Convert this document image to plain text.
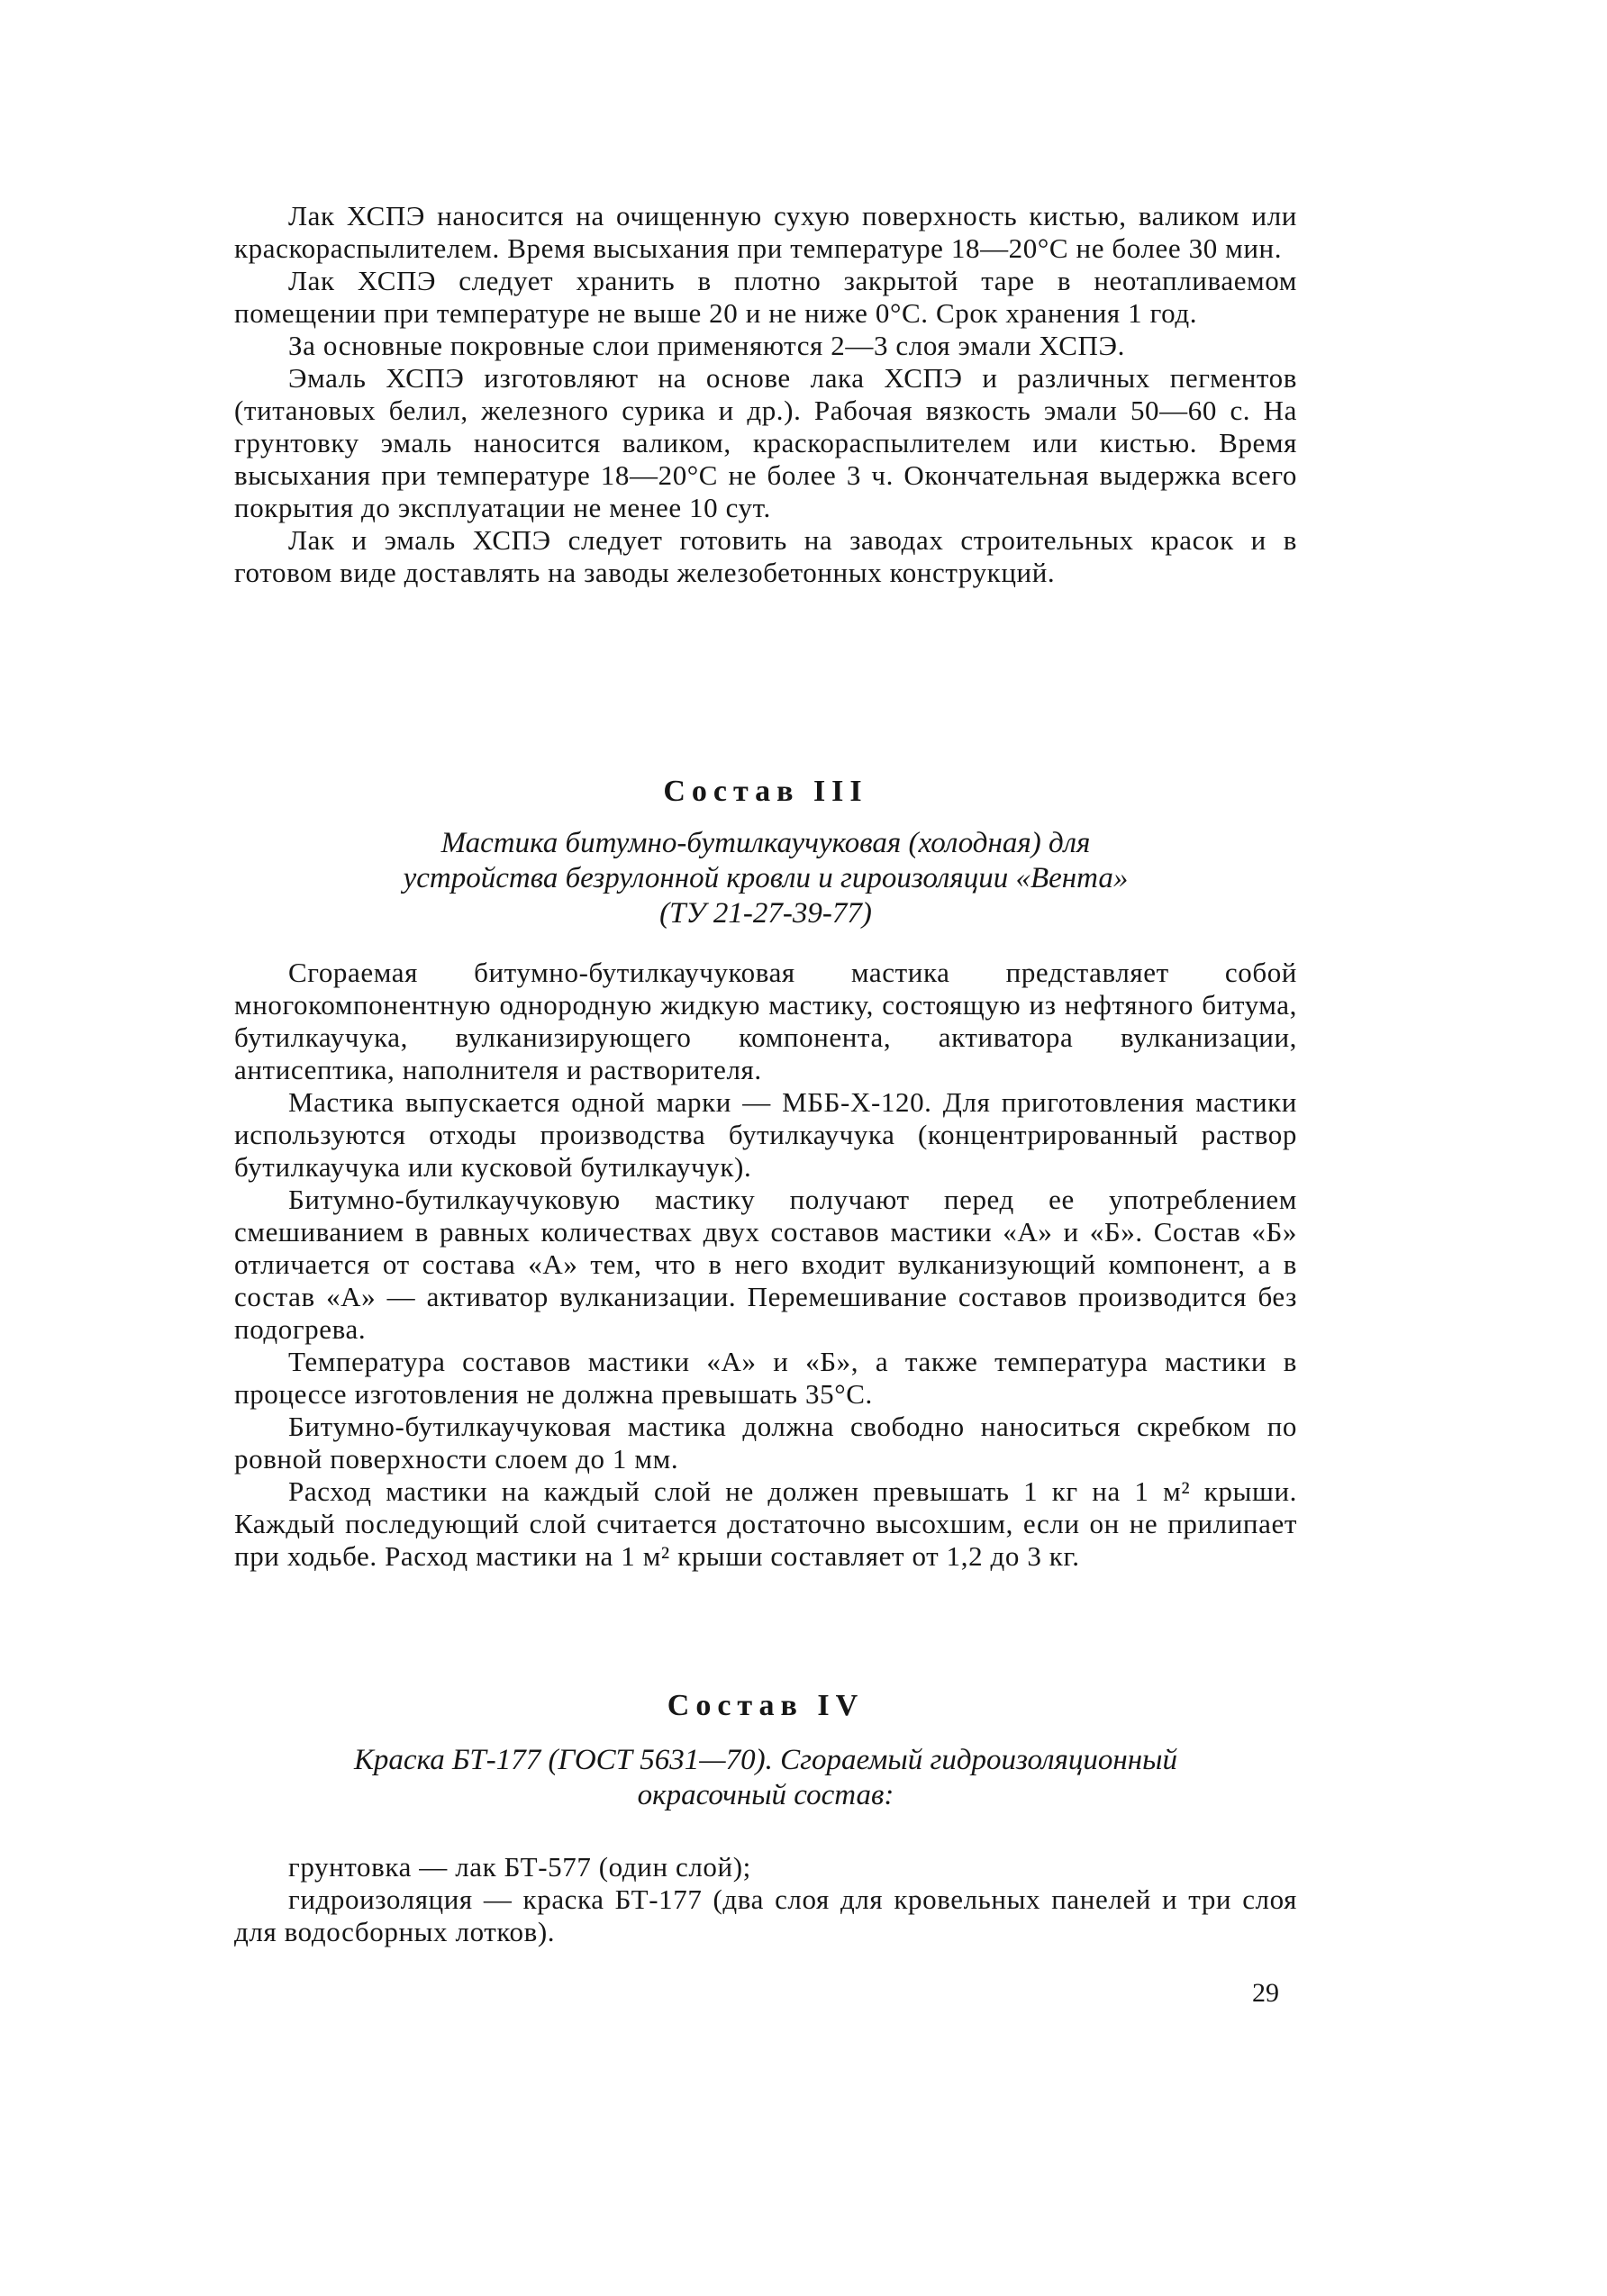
Лак ХСПЭ наносится на очищенную сухую поверхность кистью, валиком или краскораспылителем. Время высыхания при температуре 18—20°С не более 30 мин.

Лак ХСПЭ следует хранить в плотно закрытой таре в неотапливаемом помещении при температуре не выше 20 и не ниже 0°С. Срок хранения 1 год.

За основные покровные слои применяются 2—3 слоя эмали ХСПЭ.

Эмаль ХСПЭ изготовляют на основе лака ХСПЭ и различных пегментов (титановых белил, железного сурика и др.). Рабочая вязкость эмали 50—60 с. На грунтовку эмаль наносится валиком, краскораспылителем или кистью. Время высыхания при температуре 18—20°С не более 3 ч. Окончательная выдержка всего покрытия до эксплуатации не менее 10 сут.

Лак и эмаль ХСПЭ следует готовить на заводах строительных красок и в готовом виде доставлять на заводы железобетонных конструкций.

Состав III
Мастика битумно-бутилкаучуковая (холодная) для
устройства безрулонной кровли и гироизоляции «Вента»
(ТУ 21-27-39-77)

Сгораемая битумно-бутилкаучуковая мастика представляет собой многокомпонентную однородную жидкую мастику, состоящую из нефтяного битума, бутилкаучука, вулканизирующего компонента, активатора вулканизации, антисептика, наполнителя и растворителя.

Мастика выпускается одной марки — МББ-Х-120. Для приготовления мастики используются отходы производства бутилкаучука (концентрированный раствор бутилкаучука или кусковой бутилкаучук).

Битумно-бутилкаучуковую мастику получают перед ее употреблением смешиванием в равных количествах двух составов мастики «А» и «Б». Состав «Б» отличается от состава «А» тем, что в него входит вулканизующий компонент, а в состав «А» — активатор вулканизации. Перемешивание составов производится без подогрева.

Температура составов мастики «А» и «Б», а также температура мастики в процессе изготовления не должна превышать 35°С.

Битумно-бутилкаучуковая мастика должна свободно наноситься скребком по ровной поверхности слоем до 1 мм.

Расход мастики на каждый слой не должен превышать 1 кг на 1 м² крыши. Каждый последующий слой считается достаточно высохшим, если он не прилипает при ходьбе. Расход мастики на 1 м² крыши составляет от 1,2 до 3 кг.

Состав IV
Краска БТ-177 (ГОСТ 5631—70). Сгораемый гидроизоляционный
окрасочный состав:

грунтовка — лак БТ-577 (один слой);

гидроизоляция — краска БТ-177 (два слоя для кровельных панелей и три слоя для водосборных лотков).

29
